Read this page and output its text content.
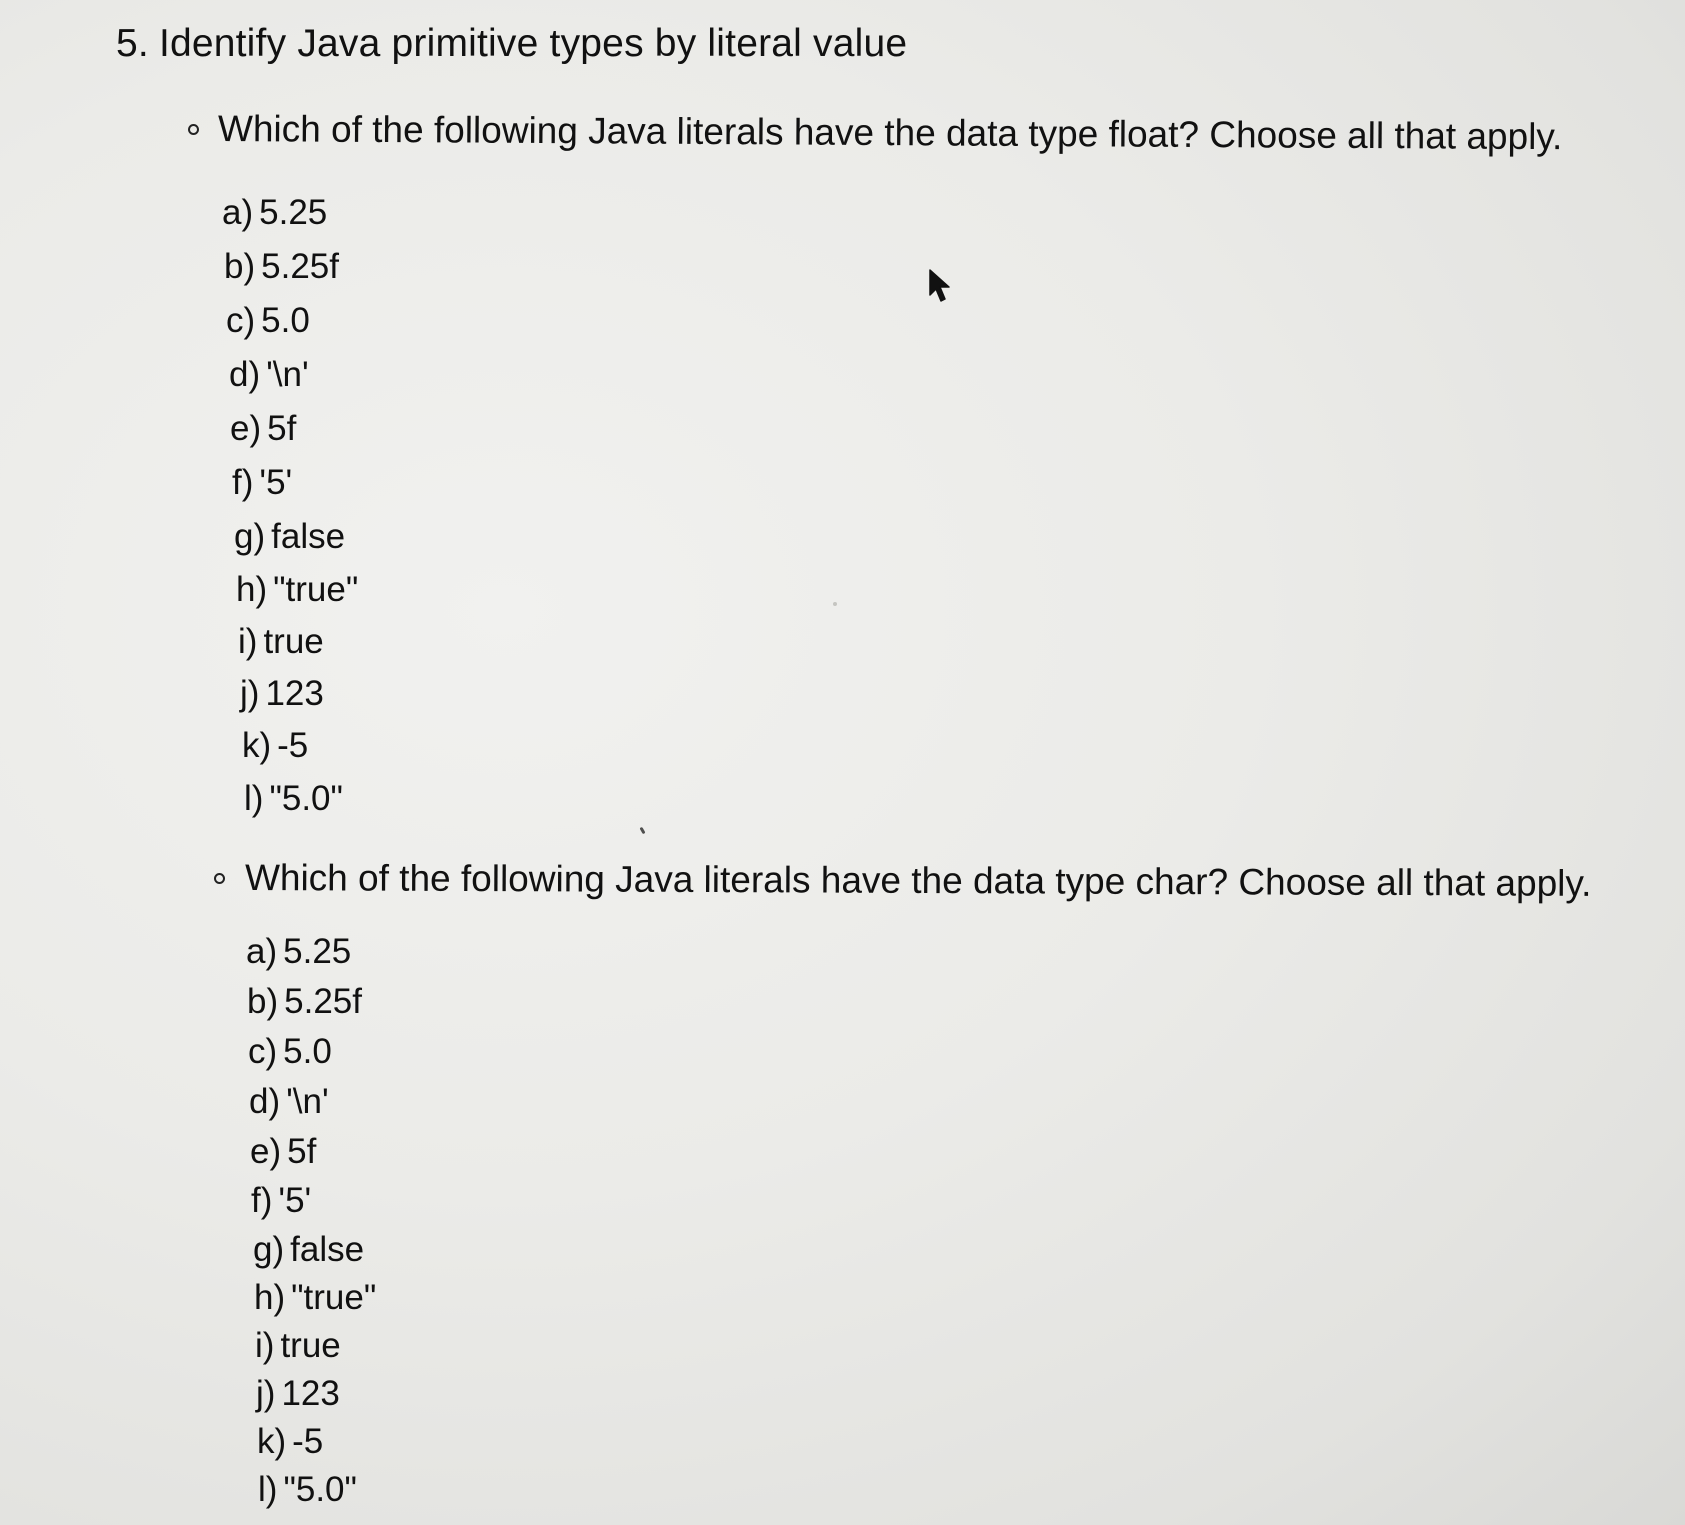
5. Identify Java primitive types by literal value
Which of the following Java literals have the data type float? Choose all that apply.
a) 5.25
b) 5.25f
c) 5.0
d) '\n'
e) 5f
f) '5'
g) false
h) "true"
i) true
j) 123
k) -5
l) "5.0"
Which of the following Java literals have the data type char? Choose all that apply.
a) 5.25
b) 5.25f
c) 5.0
d) '\n'
e) 5f
f) '5'
g) false
h) "true"
i) true
j) 123
k) -5
l) "5.0"
